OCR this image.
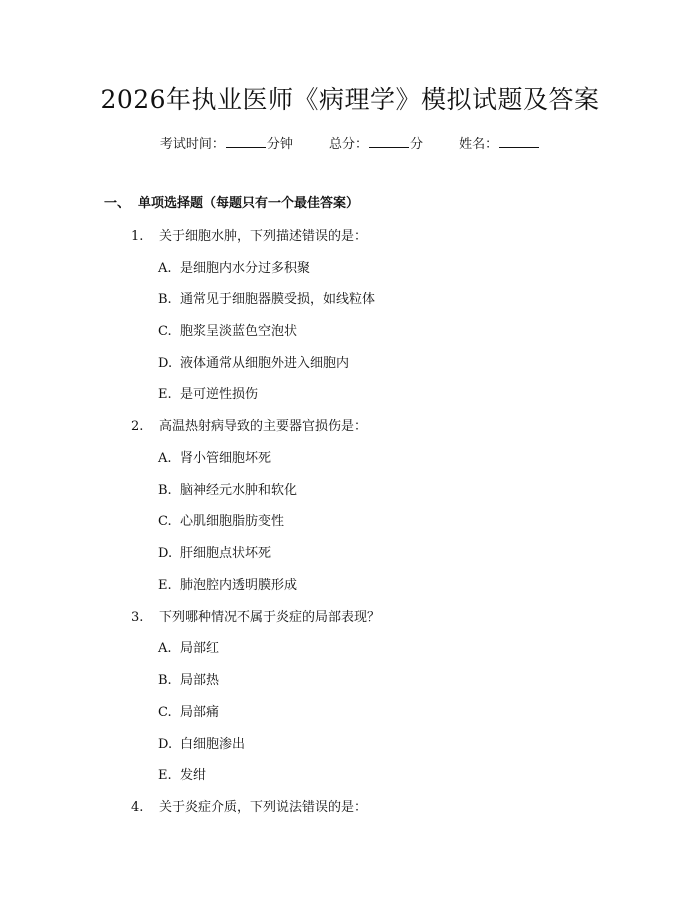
2026年执业医师《病理学》模拟试题及答案
考试时间：	分钟	总分：	分	姓名：
一、 单项选择题（每题只有一个最佳答案）
1. 关于细胞水肿，下列描述错误的是：
A. 是细胞内水分过多积聚
B. 通常见于细胞器膜受损，如线粒体
C. 胞浆呈淡蓝色空泡状
D. 液体通常从细胞外进入细胞内
E. 是可逆性损伤
2. 高温热射病导致的主要器官损伤是：
A. 肾小管细胞坏死
B. 脑神经元水肿和软化
C. 心肌细胞脂肪变性
D. 肝细胞点状坏死
E. 肺泡腔内透明膜形成
3. 下列哪种情况不属于炎症的局部表现？
A. 局部红
B. 局部热
C. 局部痛
D. 白细胞渗出
E. 发绀
4. 关于炎症介质，下列说法错误的是：
